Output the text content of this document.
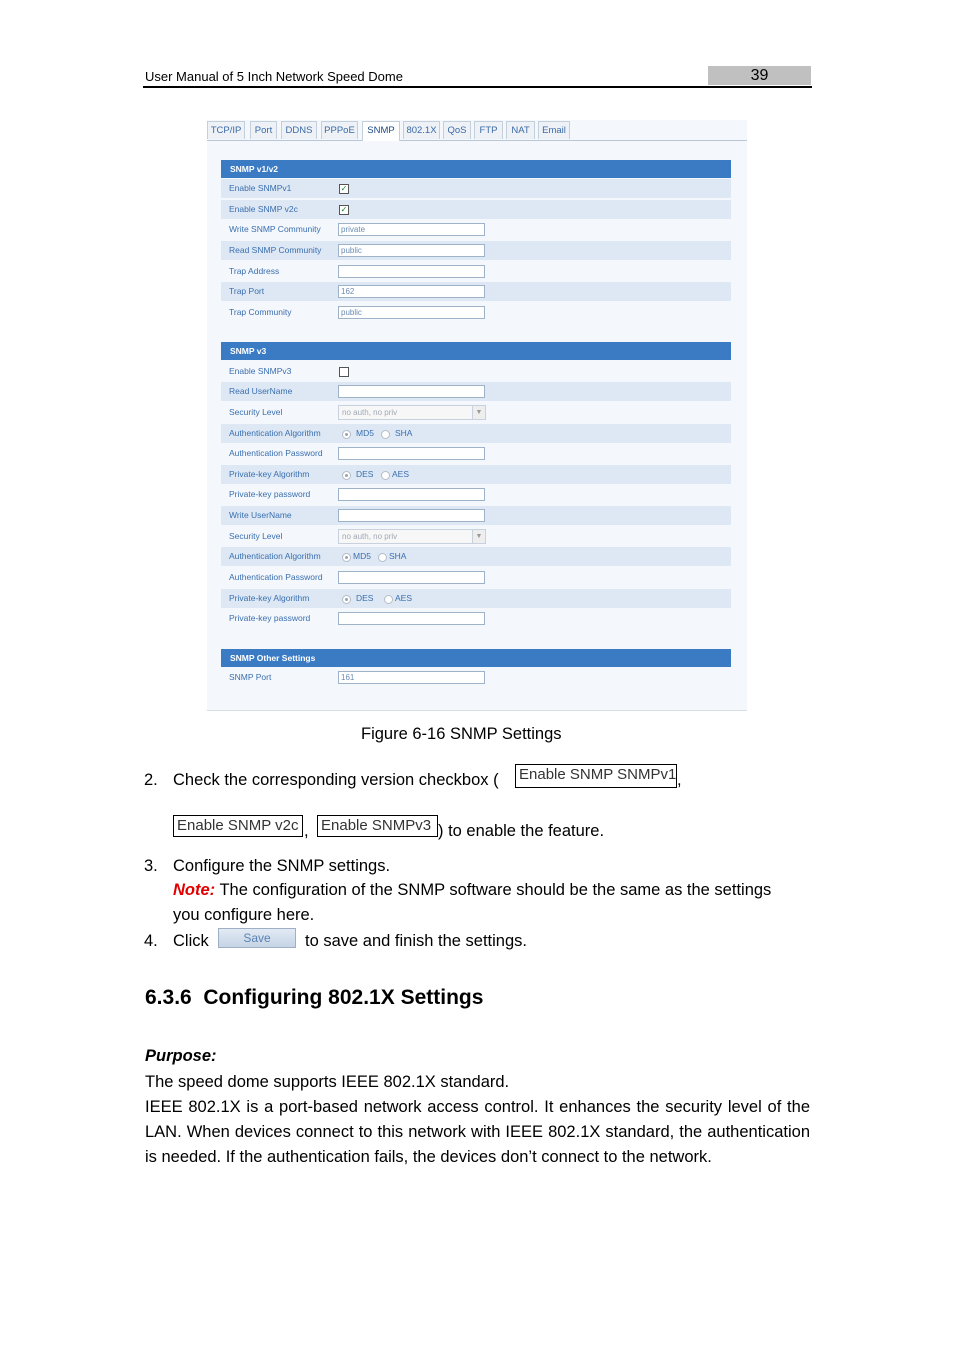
User Manual of 5 Inch Network Speed Dome	39
TCP/IP	Port	DDNS	PPPoE	SNMP	802.1X	QoS	FTP	NAT	Email
SNMP v1/v2
Enable SNMPv1	✓
Enable SNMP v2c	✓
Write SNMP Community	private
Read SNMP Community	public
Trap Address
Trap Port	162
Trap Community	public
SNMP v3
Enable SNMPv3
Read UserName
Security Level	no auth, no priv	▼
Authentication Algorithm	MD5 SHA
Authentication Password
Private-key Algorithm	DES AES
Private-key password
Write UserName
Security Level	no auth, no priv	▼
Authentication Algorithm	MD5 SHA
Authentication Password
Private-key Algorithm	DES	AES
Private-key password
SNMP Other Settings
SNMP Port	161
Figure 6-16 SNMP Settings
2. Check the corresponding version checkbox ( Enable SNMP SNMPv1 ,
Enable SNMP v2c , Enable SNMPv3 ) to enable the feature.
3. Configure the SNMP settings.
Note: The configuration of the SNMP software should be the same as the settings
you configure here.
4. Click	Save	to save and finish the settings.
6.3.6  Configuring 802.1X Settings
Purpose:
The speed dome supports IEEE 802.1X standard.
IEEE 802.1X is a port-based network access control. It enhances the security level of the LAN. When devices connect to this network with IEEE 802.1X standard, the authentication is needed. If the authentication fails, the devices don’t connect to the network.
